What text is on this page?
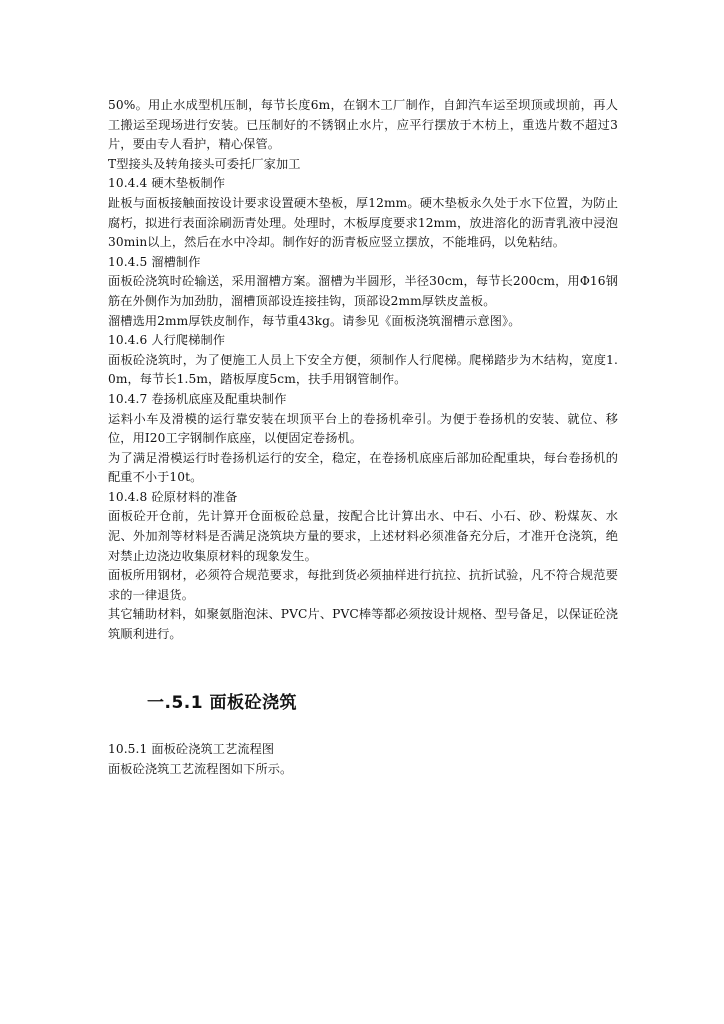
50%。用止水成型机压制，每节长度6m，在钢木工厂制作，自卸汽车运至坝顶或坝前，再人工搬运至现场进行安装。已压制好的不锈钢止水片，应平行摆放于木枋上，重选片数不超过3片，要由专人看护，精心保管。

T型接头及转角接头可委托厂家加工

10.4.4 硬木垫板制作

趾板与面板接触面按设计要求设置硬木垫板，厚12mm。硬木垫板永久处于水下位置，为防止腐朽，拟进行表面涂刷沥青处理。处理时，木板厚度要求12mm，放进溶化的沥青乳液中浸泡30min以上，然后在水中冷却。制作好的沥青板应竖立摆放，不能堆码，以免粘结。

10.4.5 溜槽制作

面板砼浇筑时砼输送，采用溜槽方案。溜槽为半圆形，半径30cm，每节长200cm，用Φ16钢筋在外侧作为加劲肋，溜槽顶部设连接挂钩，顶部设2mm厚铁皮盖板。

溜槽选用2mm厚铁皮制作，每节重43kg。请参见《面板浇筑溜槽示意图》。

10.4.6 人行爬梯制作

面板砼浇筑时，为了便施工人员上下安全方便，须制作人行爬梯。爬梯踏步为木结构，宽度1.0m，每节长1.5m，踏板厚度5cm，扶手用钢管制作。

10.4.7 卷扬机底座及配重块制作

运料小车及滑模的运行靠安装在坝顶平台上的卷扬机牵引。为便于卷扬机的安装、就位、移位，用Ⅰ20工字钢制作底座，以便固定卷扬机。

为了满足滑模运行时卷扬机运行的安全，稳定，在卷扬机底座后部加砼配重块，每台卷扬机的配重不小于10t。

10.4.8 砼原材料的准备

面板砼开仓前，先计算开仓面板砼总量，按配合比计算出水、中石、小石、砂、粉煤灰、水泥、外加剂等材料是否满足浇筑块方量的要求，上述材料必须准备充分后，才准开仓浇筑，绝对禁止边浇边收集原材料的现象发生。

面板所用钢材，必须符合规范要求，每批到货必须抽样进行抗拉、抗折试验，凡不符合规范要求的一律退货。

其它辅助材料，如聚氨脂泡沫、PVC片、PVC棒等都必须按设计规格、型号备足，以保证砼浇筑顺利进行。

一.5.1 面板砼浇筑

10.5.1 面板砼浇筑工艺流程图

面板砼浇筑工艺流程图如下所示。
